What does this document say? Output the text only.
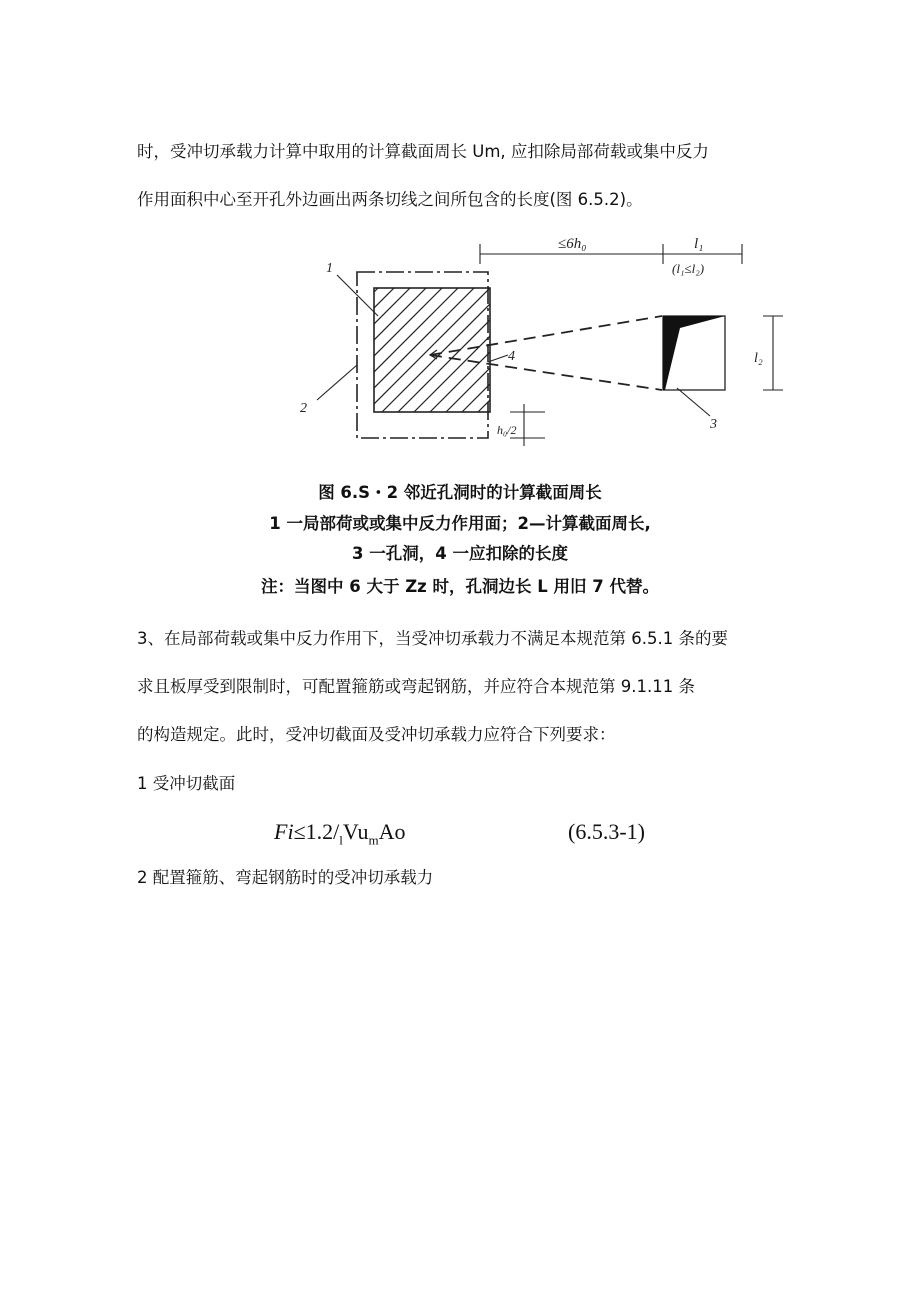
时，受冲切承载力计算中取用的计算截面周长 Um, 应扣除局部荷载或集中反力
作用面积中心至开孔外边画出两条切线之间所包含的长度(图 6.5.2)。
≤6h₀	l₁
(l₁≤l₂)
l₂
h₀/2
1
2
4
3
图 6.S・2 邻近孔洞时的计算截面周长
1 一局部荷或或集中反力作用面；2—计算截面周长,
3 一孔洞，4 一应扣除的长度
注：当图中 6 大于 Zz 时，孔洞边长 L 用旧 7 代替。
3、在局部荷载或集中反力作用下，当受冲切承载力不满足本规范第 6.5.1 条的要
求且板厚受到限制时，可配置箍筋或弯起钢筋，并应符合本规范第 9.1.11 条
的构造规定。此时，受冲切截面及受冲切承载力应符合下列要求：
1 受冲切截面
$Fi\le 1.2/_lVu_mAo$	(6.5.3-1)
2 配置箍筋、弯起钢筋时的受冲切承载力
